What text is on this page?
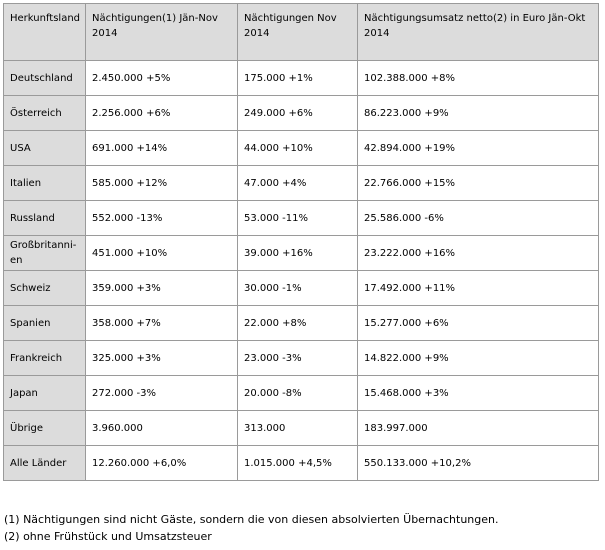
Herkunftsland	Nächtigungen(1) Jän-Nov 2014	Nächtigungen Nov 2014	Nächtigungsumsatz netto(2) in Euro Jän-Okt 2014
Deutschland	2.450.000 +5%	175.000 +1%	102.388.000 +8%
Österreich	2.256.000 +6%	249.000 +6%	86.223.000 +9%
USA	691.000 +14%	44.000 +10%	42.894.000 +19%
Italien	585.000 +12%	47.000 +4%	22.766.000 +15%
Russland	552.000 -13%	53.000 -11%	25.586.000 -6%
Großbritanni-en	451.000 +10%	39.000 +16%	23.222.000 +16%
Schweiz	359.000 +3%	30.000 -1%	17.492.000 +11%
Spanien	358.000 +7%	22.000 +8%	15.277.000 +6%
Frankreich	325.000 +3%	23.000 -3%	14.822.000 +9%
Japan	272.000 -3%	20.000 -8%	15.468.000 +3%
Übrige	3.960.000	313.000	183.997.000
Alle Länder	12.260.000 +6,0%	1.015.000 +4,5%	550.133.000 +10,2%
(1) Nächtigungen sind nicht Gäste, sondern die von diesen absolvierten Übernachtungen.
(2) ohne Frühstück und Umsatzsteuer
